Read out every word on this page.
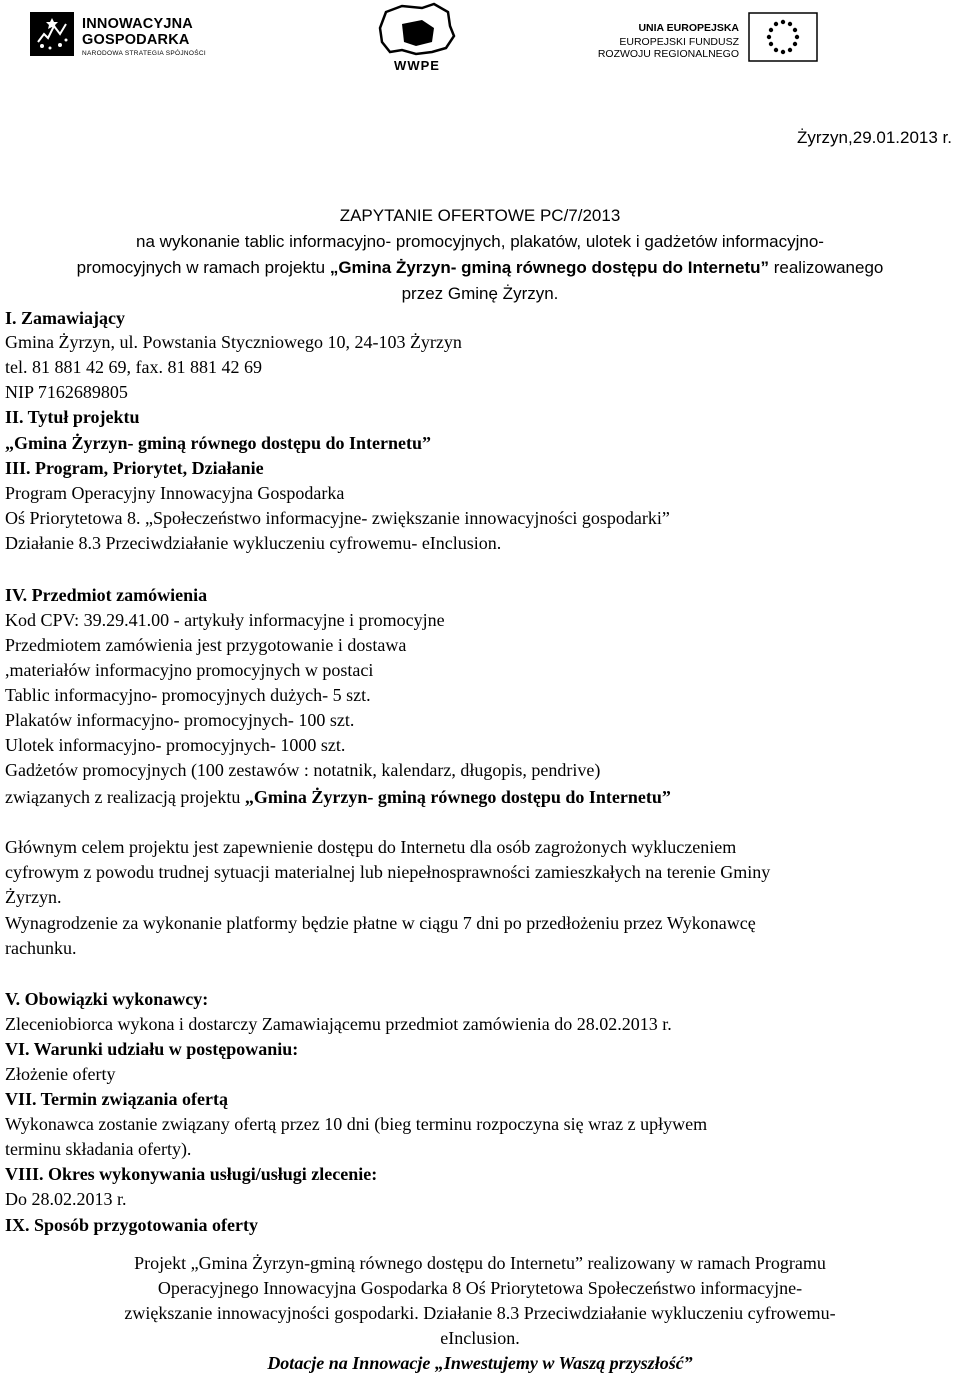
INNOWACYJNA
GOSPODARKA
NARODOWA STRATEGIA SPÓJNOŚCI
WWPE
UNIA EUROPEJSKA
EUROPEJSKI FUNDUSZ
ROZWOJU REGIONALNEGO
Żyrzyn,29.01.2013 r.
ZAPYTANIE OFERTOWE PC/7/2013
na wykonanie tablic informacyjno- promocyjnych, plakatów, ulotek i gadżetów informacyjno-
promocyjnych w ramach projektu „Gmina Żyrzyn- gminą równego dostępu do Internetu” realizowanego
przez Gminę Żyrzyn.
I. Zamawiający
Gmina Żyrzyn, ul. Powstania Styczniowego 10, 24-103 Żyrzyn
tel. 81 881 42 69, fax. 81 881 42 69
NIP 7162689805
II. Tytuł projektu
„Gmina Żyrzyn- gminą równego dostępu do Internetu”
III. Program, Priorytet, Działanie
Program Operacyjny Innowacyjna Gospodarka
Oś Priorytetowa 8. „Społeczeństwo informacyjne- zwiększanie innowacyjności gospodarki”
Działanie 8.3 Przeciwdziałanie wykluczeniu cyfrowemu- eInclusion.
IV. Przedmiot zamówienia
Kod CPV: 39.29.41.00 - artykuły informacyjne i promocyjne
Przedmiotem zamówienia jest przygotowanie i dostawa
,materiałów informacyjno promocyjnych w postaci
Tablic informacyjno- promocyjnych dużych- 5 szt.
Plakatów informacyjno- promocyjnych- 100 szt.
Ulotek informacyjno- promocyjnych- 1000 szt.
Gadżetów promocyjnych (100 zestawów : notatnik, kalendarz, długopis, pendrive)
związanych z realizacją projektu „Gmina Żyrzyn- gminą równego dostępu do Internetu”
Głównym celem projektu jest zapewnienie dostępu do Internetu dla osób zagrożonych wykluczeniem
cyfrowym z powodu trudnej sytuacji materialnej lub niepełnosprawności zamieszkałych na terenie Gminy
Żyrzyn.
Wynagrodzenie za wykonanie platformy będzie płatne w ciągu 7 dni po przedłożeniu przez Wykonawcę
rachunku.
V. Obowiązki wykonawcy:
Zleceniobiorca wykona i dostarczy Zamawiającemu przedmiot zamówienia do 28.02.2013 r.
VI. Warunki udziału w postępowaniu:
Złożenie oferty
VII. Termin związania ofertą
Wykonawca zostanie związany ofertą przez 10 dni (bieg terminu rozpoczyna się wraz z upływem
terminu składania oferty).
VIII. Okres wykonywania usługi/usługi zlecenie:
Do 28.02.2013 r.
IX. Sposób przygotowania oferty
Projekt „Gmina Żyrzyn-gminą równego dostępu do Internetu” realizowany w ramach Programu
Operacyjnego Innowacyjna Gospodarka 8 Oś Priorytetowa Społeczeństwo informacyjne-
zwiększanie innowacyjności gospodarki. Działanie 8.3 Przeciwdziałanie wykluczeniu cyfrowemu-
eInclusion.
Dotacje na Innowacje „Inwestujemy w Waszą przyszłość”
